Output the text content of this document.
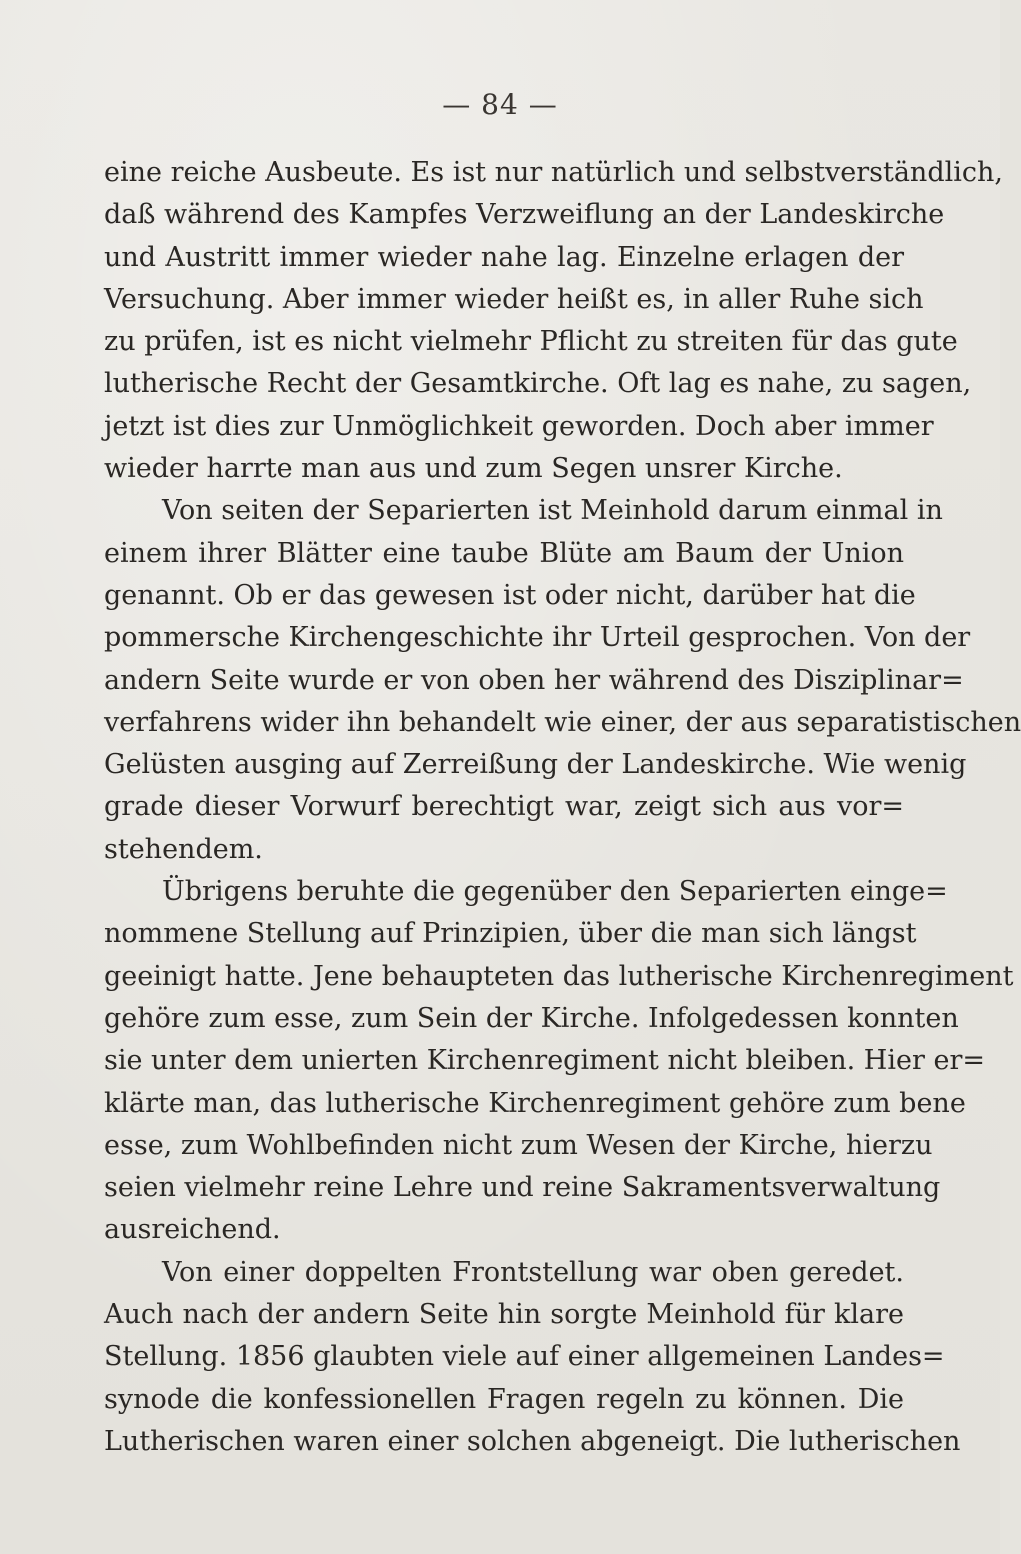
— 84 —
eine reiche Ausbeute. Es ist nur natürlich und selbstverständlich,
daß während des Kampfes Verzweiflung an der Landeskirche
und Austritt immer wieder nahe lag. Einzelne erlagen der
Versuchung. Aber immer wieder heißt es, in aller Ruhe sich
zu prüfen, ist es nicht vielmehr Pflicht zu streiten für das gute
lutherische Recht der Gesamtkirche. Oft lag es nahe, zu sagen,
jetzt ist dies zur Unmöglichkeit geworden. Doch aber immer
wieder harrte man aus und zum Segen unsrer Kirche.
Von seiten der Separierten ist Meinhold darum einmal in
einem ihrer Blätter eine taube Blüte am Baum der Union
genannt. Ob er das gewesen ist oder nicht, darüber hat die
pommersche Kirchengeschichte ihr Urteil gesprochen. Von der
andern Seite wurde er von oben her während des Disziplinar=
verfahrens wider ihn behandelt wie einer, der aus separatistischen
Gelüsten ausging auf Zerreißung der Landeskirche. Wie wenig
grade dieser Vorwurf berechtigt war, zeigt sich aus vor=
stehendem.
Übrigens beruhte die gegenüber den Separierten einge=
nommene Stellung auf Prinzipien, über die man sich längst
geeinigt hatte. Jene behaupteten das lutherische Kirchenregiment
gehöre zum esse, zum Sein der Kirche. Infolgedessen konnten
sie unter dem unierten Kirchenregiment nicht bleiben. Hier er=
klärte man, das lutherische Kirchenregiment gehöre zum bene
esse, zum Wohlbefinden nicht zum Wesen der Kirche, hierzu
seien vielmehr reine Lehre und reine Sakramentsverwaltung
ausreichend.
Von einer doppelten Frontstellung war oben geredet.
Auch nach der andern Seite hin sorgte Meinhold für klare
Stellung. 1856 glaubten viele auf einer allgemeinen Landes=
synode die konfessionellen Fragen regeln zu können. Die
Lutherischen waren einer solchen abgeneigt. Die lutherischen
